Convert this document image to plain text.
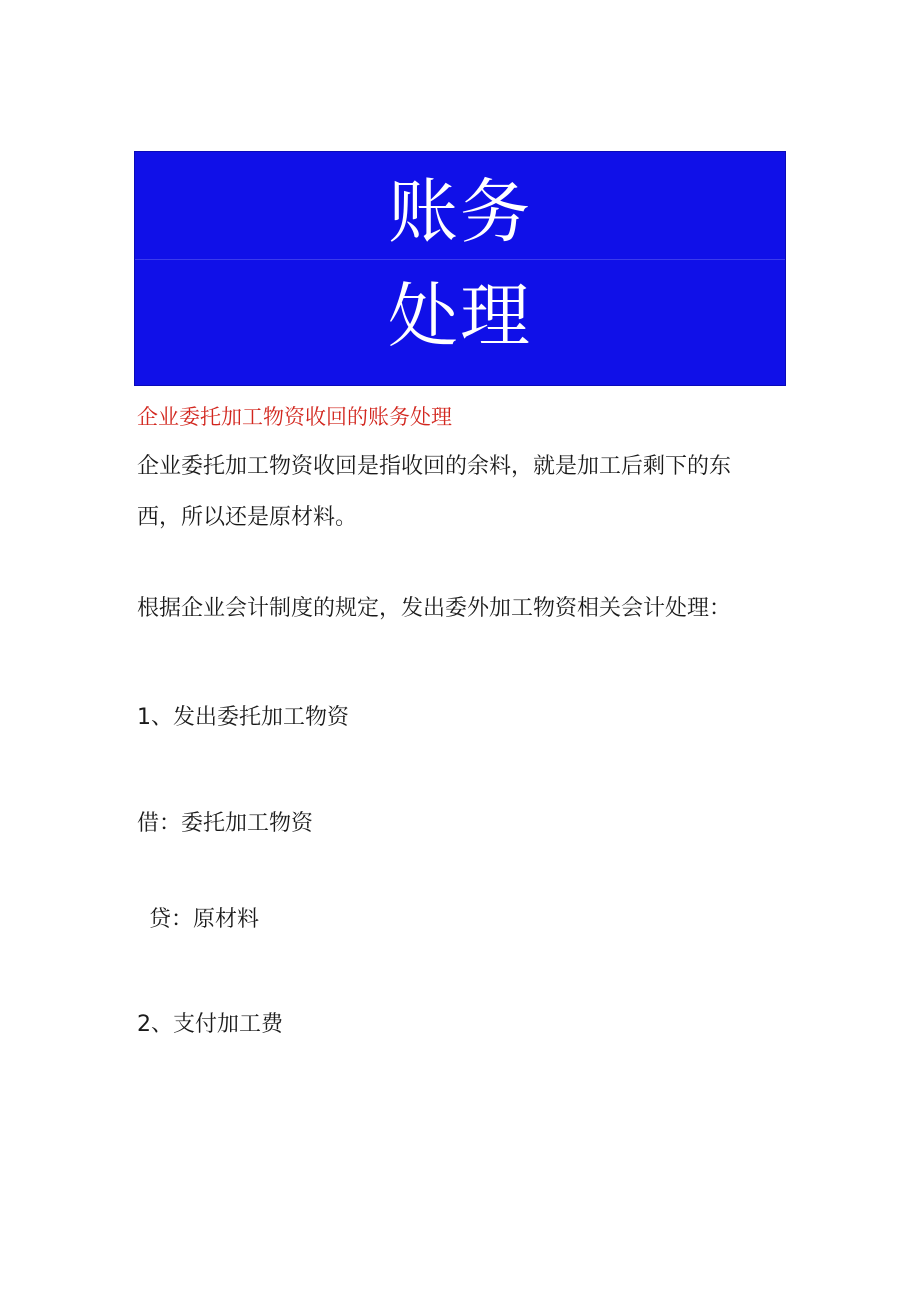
账务
处理
企业委托加工物资收回的账务处理
企业委托加工物资收回是指收回的余料，就是加工后剩下的东
西，所以还是原材料。
根据企业会计制度的规定，发出委外加工物资相关会计处理：
1、发出委托加工物资
借：委托加工物资
贷：原材料
2、支付加工费
